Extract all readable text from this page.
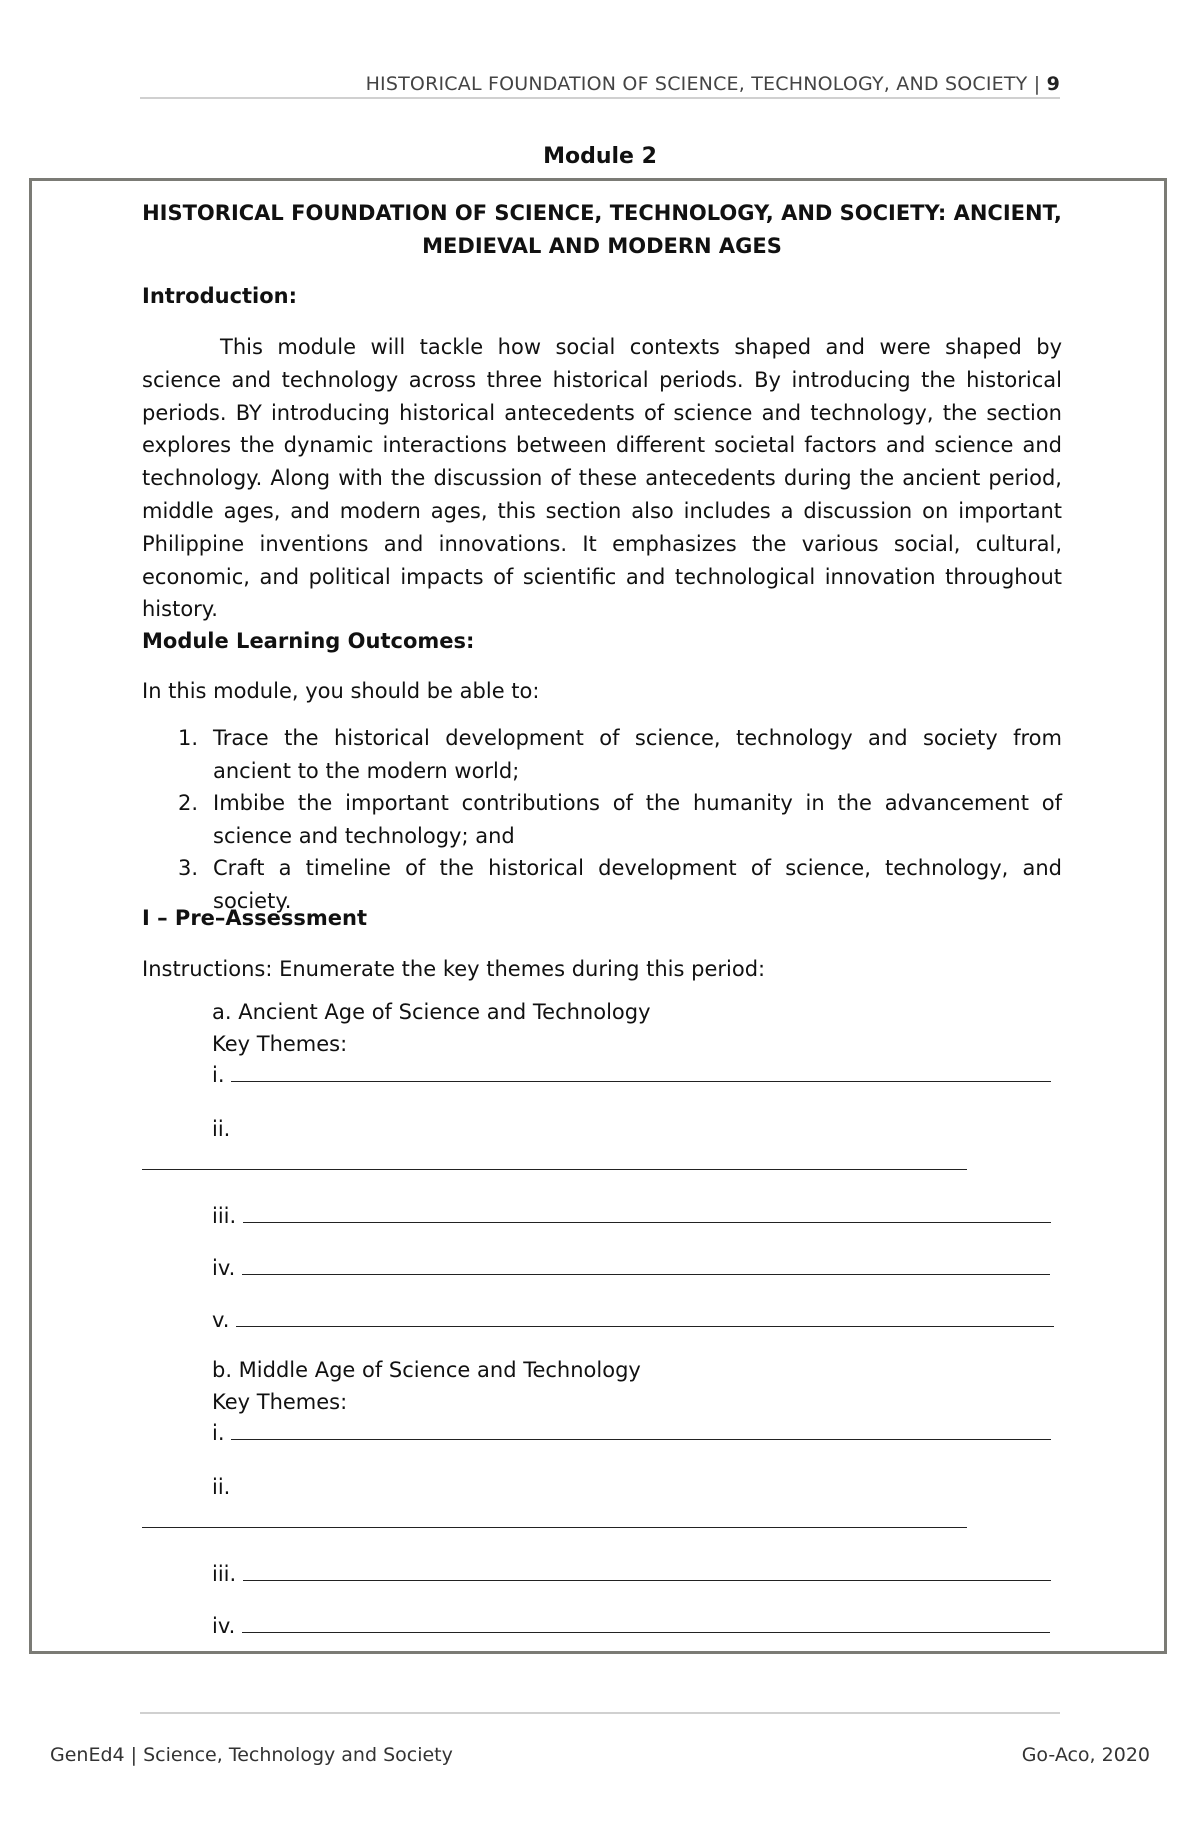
HISTORICAL FOUNDATION OF SCIENCE, TECHNOLOGY, AND SOCIETY | 9
Module 2
HISTORICAL FOUNDATION OF SCIENCE, TECHNOLOGY, AND SOCIETY: ANCIENT,
MEDIEVAL AND MODERN AGES
Introduction:

This module will tackle how social contexts shaped and were shaped by science and technology across three historical periods. By introducing the historical periods. BY introducing historical antecedents of science and technology, the section explores the dynamic interactions between different societal factors and science and technology. Along with the discussion of these antecedents during the ancient period, middle ages, and modern ages, this section also includes a discussion on important Philippine inventions and innovations. It emphasizes the various social, cultural, economic, and political impacts of scientific and technological innovation throughout history.

Module Learning Outcomes:
In this module, you should be able to:
1. Trace the historical development of science, technology and society from ancient to the modern world;
2. Imbibe the important contributions of the humanity in the advancement of science and technology; and
3. Craft a timeline of the historical development of science, technology, and society.
I – Pre–Assessment
Instructions: Enumerate the key themes during this period:
a. Ancient Age of Science and Technology
Key Themes:
i.
ii.
iii.
iv.
v.
b. Middle Age of Science and Technology
Key Themes:
i.
ii.
iii.
iv.
GenEd4 | Science, Technology and Society	Go-Aco, 2020
